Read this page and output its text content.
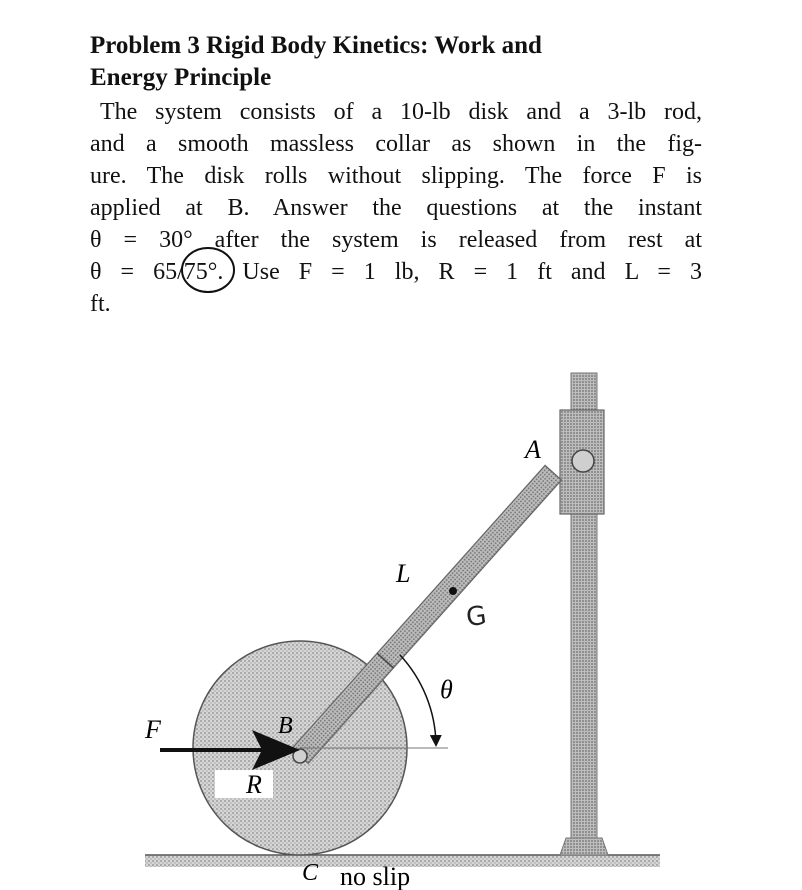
Problem 3 Rigid Body Kinetics: Work and
Energy Principle
The system consists of a 10-lb disk and a 3-lb rod,
and a smooth massless collar as shown in the fig-
ure. The disk rolls without slipping. The force F is
applied at B. Answer the questions at the instant
θ = 30° after the system is released from rest at
θ = 65/75°. Use F = 1 lb, R = 1 ft and L = 3
ft.
A
L
θ
F	B
R
C no slip
G
